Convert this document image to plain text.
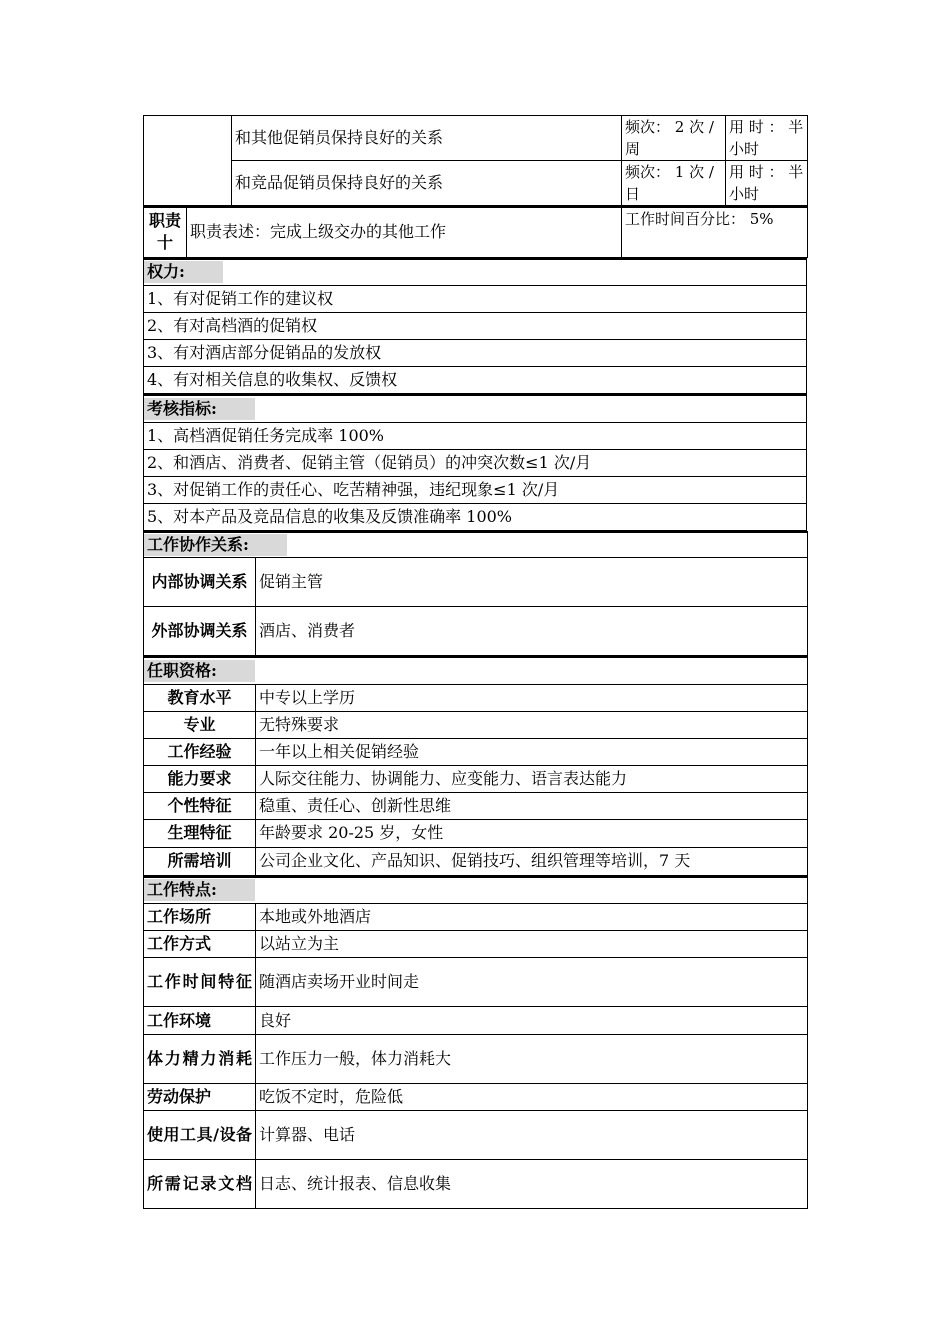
	和其他促销员保持良好的关系	频次： 2 次 / 周	用 时 ： 半小时
	和竞品促销员保持良好的关系	频次： 1 次 / 日	用 时 ： 半小时
职责十	职责表述：完成上级交办的其他工作	工作时间百分比： 5%
权力:
1、有对促销工作的建议权
2、有对高档酒的促销权
3、有对酒店部分促销品的发放权
4、有对相关信息的收集权、反馈权
考核指标:
1、高档酒促销任务完成率 100%
2、和酒店、消费者、促销主管（促销员）的冲突次数≤1 次/月
3、对促销工作的责任心、吃苦精神强，违纪现象≤1 次/月
5、对本产品及竞品信息的收集及反馈准确率 100%
工作协作关系:	
内部协调关系	促销主管
外部协调关系	酒店、消费者
任职资格:	
教育水平	中专以上学历
专业	无特殊要求
工作经验	一年以上相关促销经验
能力要求	人际交往能力、协调能力、应变能力、语言表达能力
个性特征	稳重、责任心、创新性思维
生理特征	年龄要求 20-25 岁，女性
所需培训	公司企业文化、产品知识、促销技巧、组织管理等培训，7 天
工作特点:	
工作场所	本地或外地酒店
工作方式	以站立为主
工作时间特征	随酒店卖场开业时间走
工作环境	良好
体力精力消耗	工作压力一般，体力消耗大
劳动保护	吃饭不定时，危险低
使用工具/设备	计算器、电话
所需记录文档	日志、统计报表、信息收集
